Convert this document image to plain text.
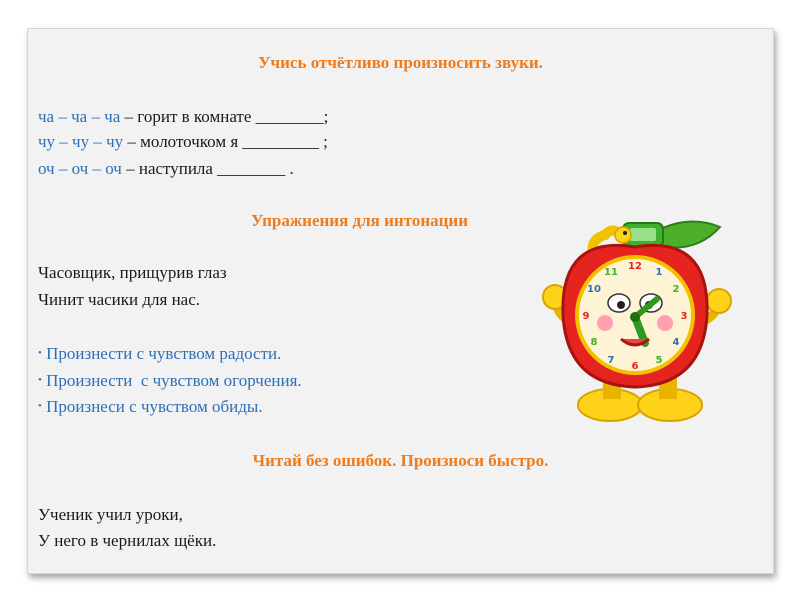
Учись отчётливо произносить звуки.
ча – ча – ча – горит в комнате ________;
чу – чу – чу – молоточком я _________ ;
оч – оч – оч – наступила ________ .
Упражнения для интонации
Часовщик, прищурив глаз
Чинит часики для нас.
• Произнести с чувством радости.
• Произнести  с чувством огорчения.
• Произнеси с чувством обиды.
Читай без ошибок. Произноси быстро.
Ученик учил уроки,
У него в чернилах щёки.
12
1
2
3
4
5
6
7
8
9
10
11
